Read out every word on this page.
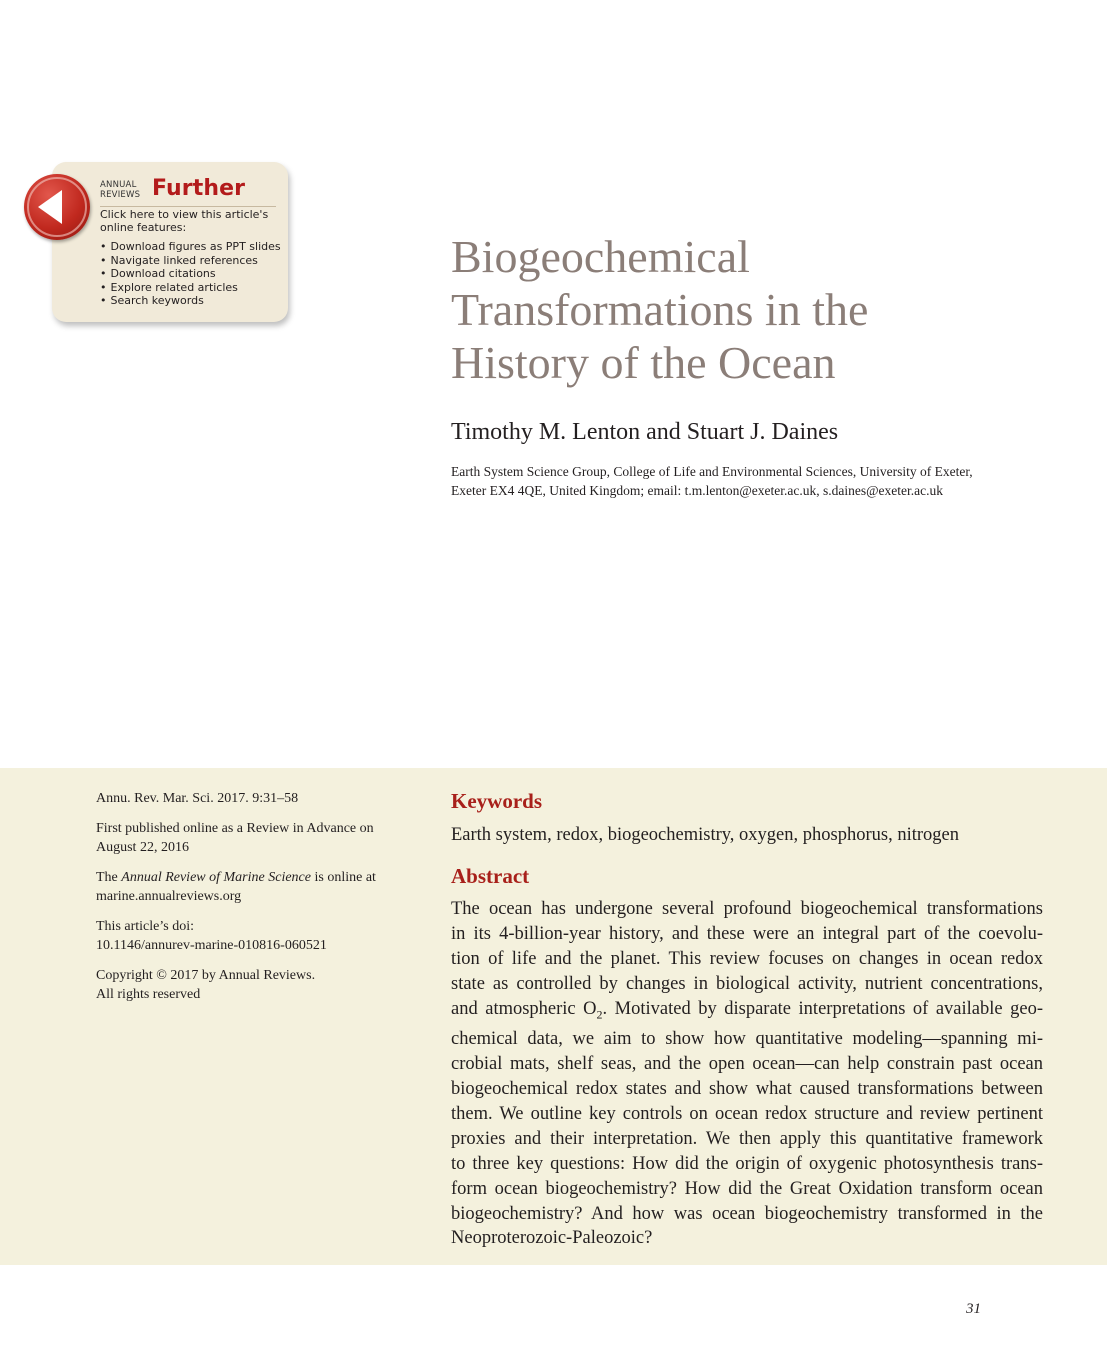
ANNUAL
REVIEWS Further
Click here to view this article's
online features:
• Download figures as PPT slides
• Navigate linked references
• Download citations
• Explore related articles
• Search keywords
Biogeochemical
Transformations in the
History of the Ocean

Timothy M. Lenton and Stuart J. Daines

Earth System Science Group, College of Life and Environmental Sciences, University of Exeter,
Exeter EX4 4QE, United Kingdom; email: t.m.lenton@exeter.ac.uk, s.daines@exeter.ac.uk

Annu. Rev. Mar. Sci. 2017. 9:31–58

First published online as a Review in Advance on
August 22, 2016

The Annual Review of Marine Science is online at
marine.annualreviews.org

This article’s doi:
10.1146/annurev-marine-010816-060521

Copyright © 2017 by Annual Reviews.
All rights reserved

Keywords
Earth system, redox, biogeochemistry, oxygen, phosphorus, nitrogen
Abstract
The ocean has undergone several profound biogeochemical transformations
in its 4-billion-year history, and these were an integral part of the coevolu-
tion of life and the planet. This review focuses on changes in ocean redox
state as controlled by changes in biological activity, nutrient concentrations,
and atmospheric $O_2$. Motivated by disparate interpretations of available geo-
chemical data, we aim to show how quantitative modeling—spanning mi-
crobial mats, shelf seas, and the open ocean—can help constrain past ocean
biogeochemical redox states and show what caused transformations between
them. We outline key controls on ocean redox structure and review pertinent
proxies and their interpretation. We then apply this quantitative framework
to three key questions: How did the origin of oxygenic photosynthesis trans-
form ocean biogeochemistry? How did the Great Oxidation transform ocean
biogeochemistry? And how was ocean biogeochemistry transformed in the
Neoproterozoic-Paleozoic?
31
